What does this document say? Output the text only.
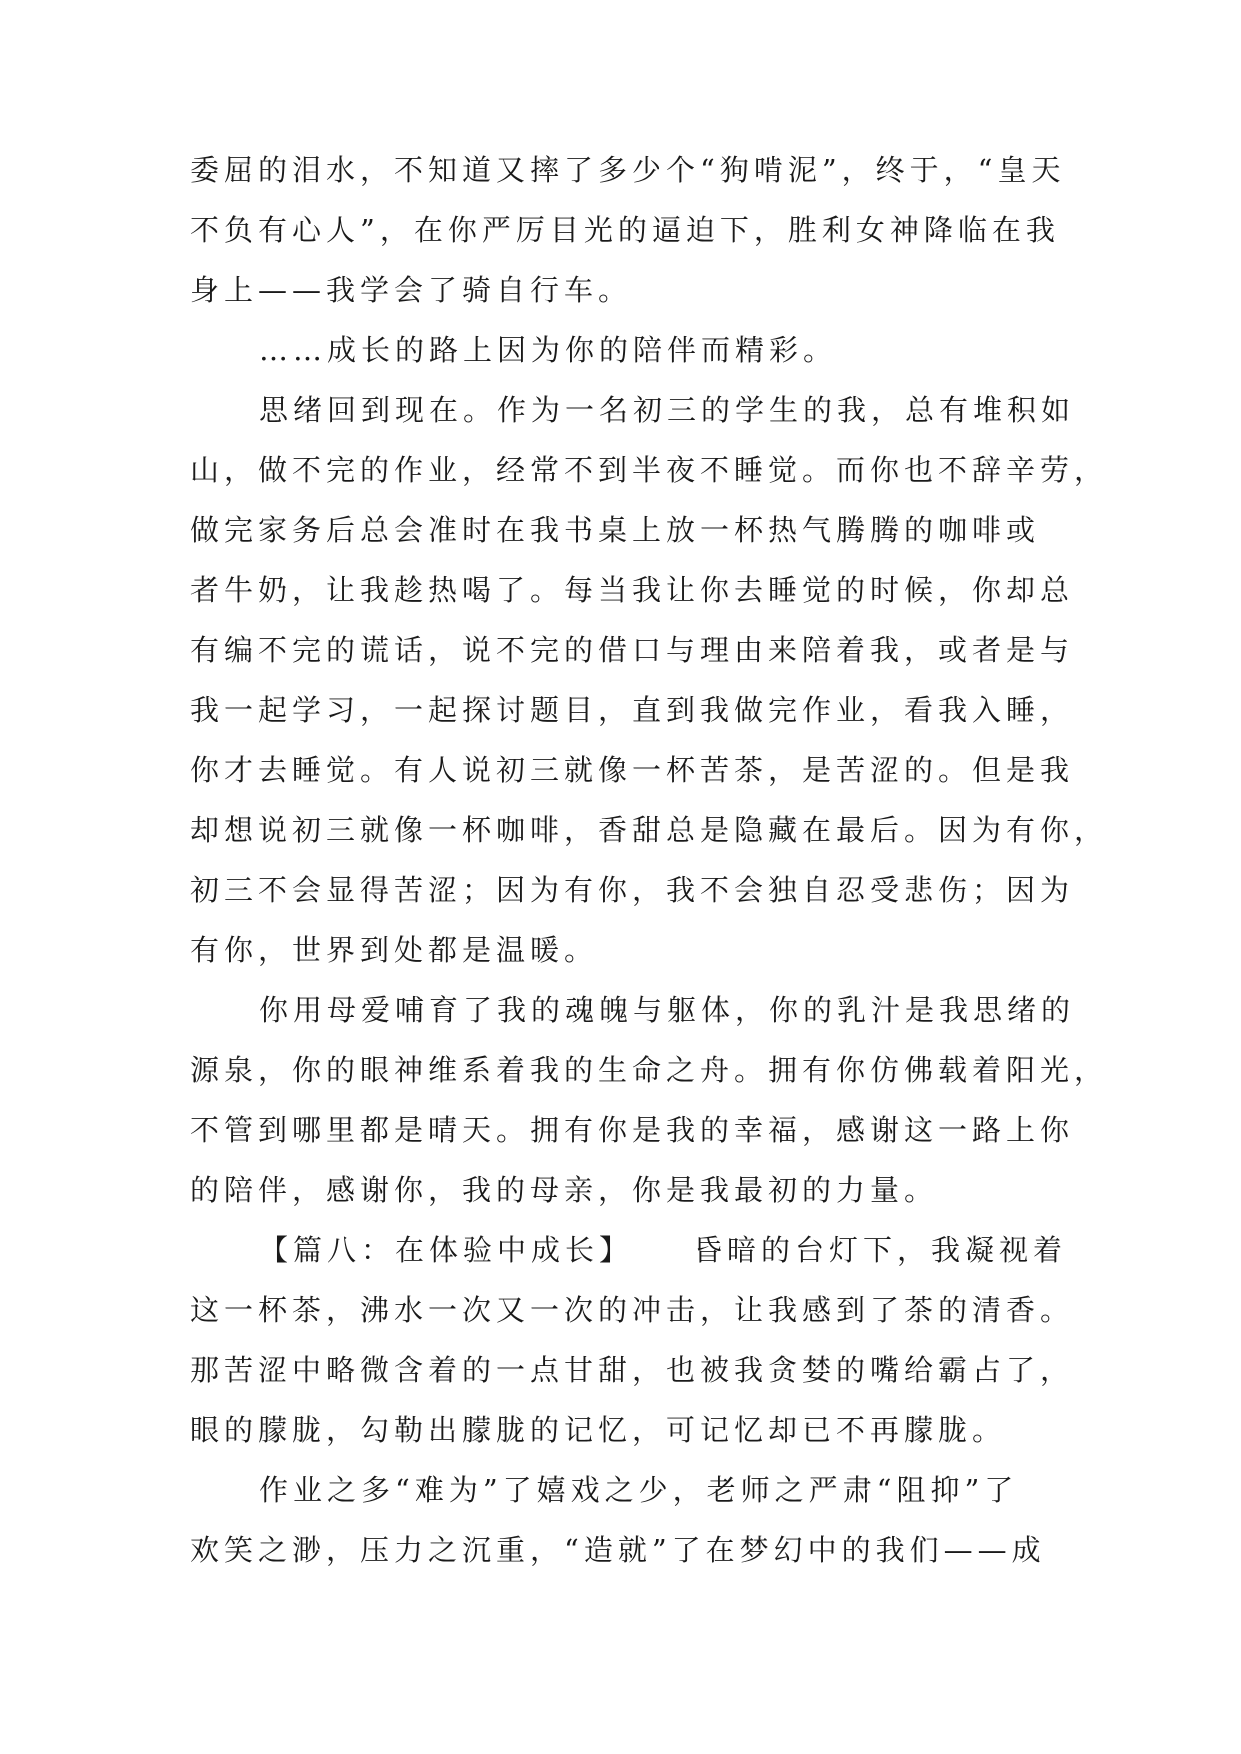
委屈的泪水，不知道又摔了多少个“狗啃泥”，终于，“皇天
不负有心人”，在你严厉目光的逼迫下，胜利女神降临在我
身上——我学会了骑自行车。
……成长的路上因为你的陪伴而精彩。
思绪回到现在。作为一名初三的学生的我，总有堆积如
山，做不完的作业，经常不到半夜不睡觉。而你也不辞辛劳，
做完家务后总会准时在我书桌上放一杯热气腾腾的咖啡或
者牛奶，让我趁热喝了。每当我让你去睡觉的时候，你却总
有编不完的谎话，说不完的借口与理由来陪着我，或者是与
我一起学习，一起探讨题目，直到我做完作业，看我入睡，
你才去睡觉。有人说初三就像一杯苦茶，是苦涩的。但是我
却想说初三就像一杯咖啡，香甜总是隐藏在最后。因为有你，
初三不会显得苦涩；因为有你，我不会独自忍受悲伤；因为
有你，世界到处都是温暖。
你用母爱哺育了我的魂魄与躯体，你的乳汁是我思绪的
源泉，你的眼神维系着我的生命之舟。拥有你仿佛载着阳光，
不管到哪里都是晴天。拥有你是我的幸福，感谢这一路上你
的陪伴，感谢你，我的母亲，你是我最初的力量。
【篇八：在体验中成长】 昏暗的台灯下，我凝视着
这一杯茶，沸水一次又一次的冲击，让我感到了茶的清香。
那苦涩中略微含着的一点甘甜，也被我贪婪的嘴给霸占了，
眼的朦胧，勾勒出朦胧的记忆，可记忆却已不再朦胧。
作业之多“难为”了嬉戏之少，老师之严肃“阻抑”了
欢笑之渺，压力之沉重，“造就”了在梦幻中的我们——成
